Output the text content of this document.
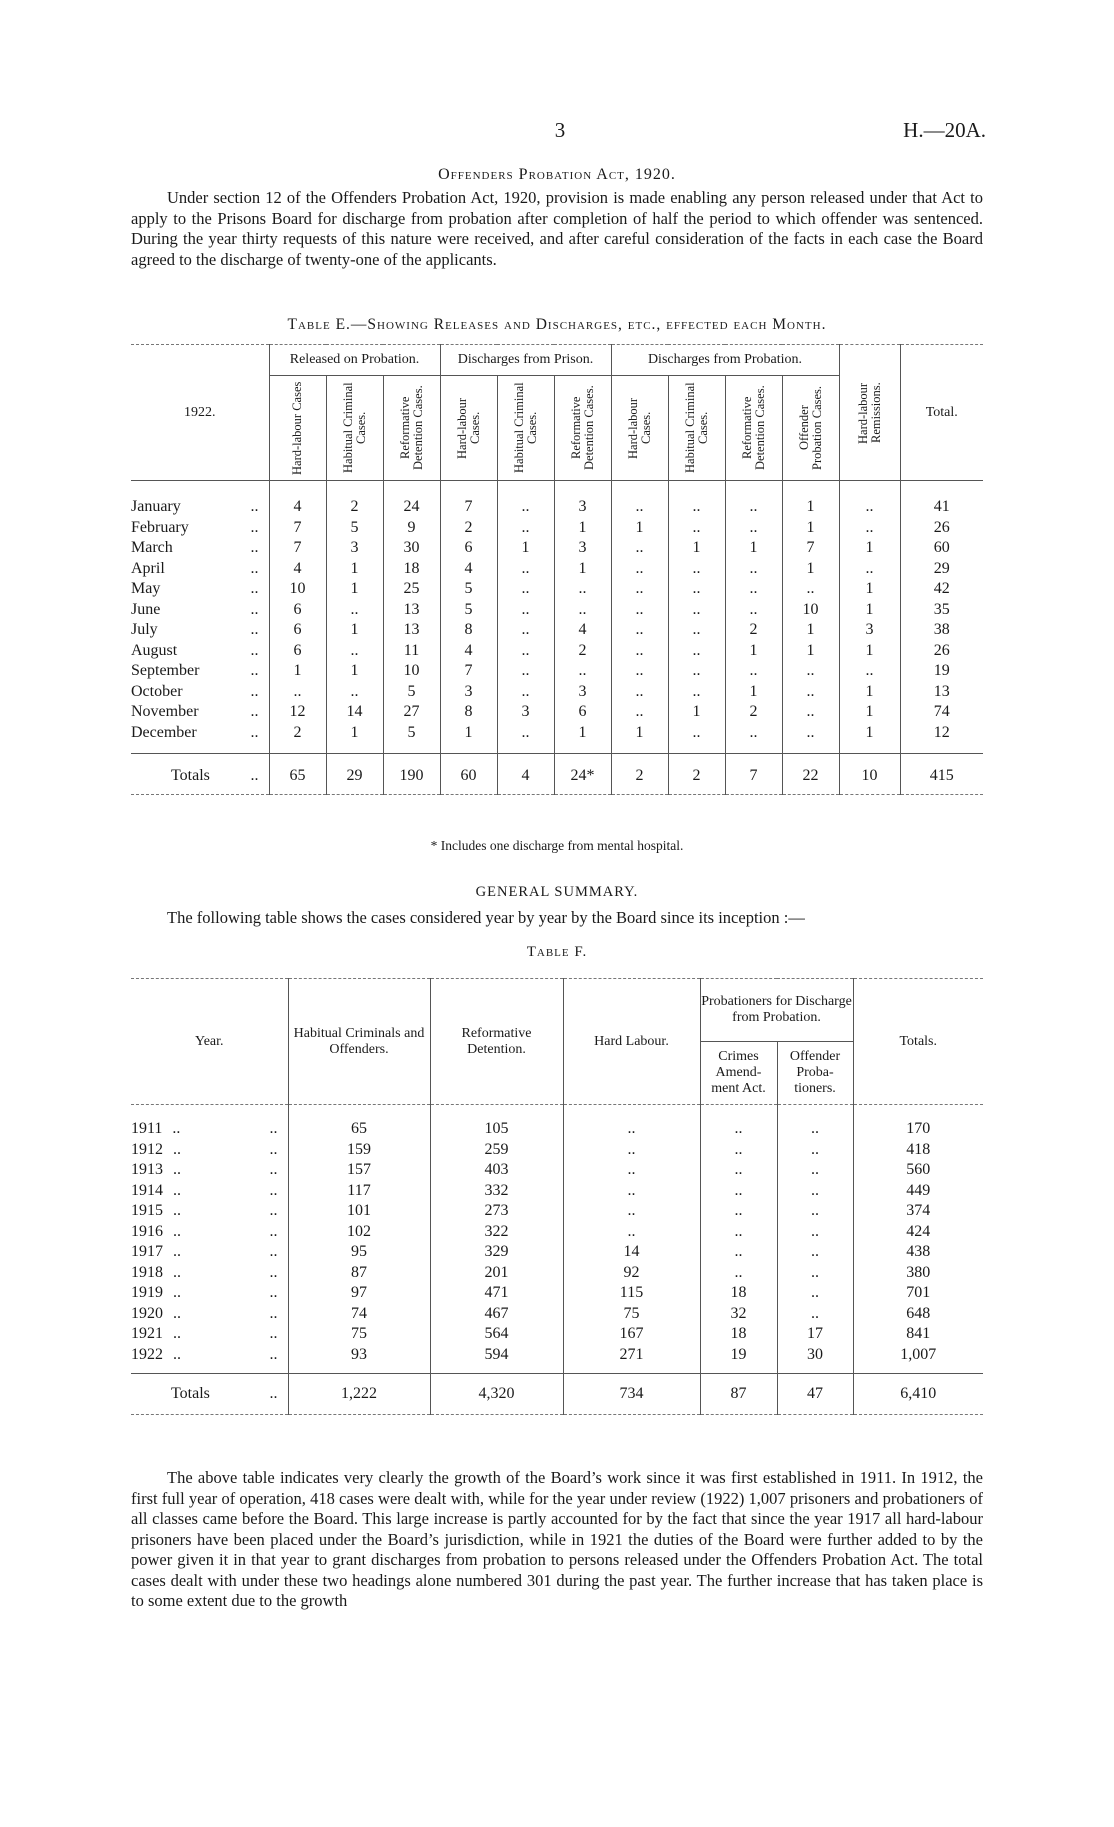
3	H.—20A.
Offenders Probation Act, 1920.
Under section 12 of the Offenders Probation Act, 1920, provision is made enabling any person released under that Act to apply to the Prisons Board for discharge from probation after completion of half the period to which offender was sentenced. During the year thirty requests of this nature were received, and after careful consideration of the facts in each case the Board agreed to the discharge of twenty-one of the applicants.
Table E.—Showing Releases and Discharges, etc., effected each Month.
1922.	Released on Probation.			Discharges from Prison.			Discharges from Probation.				Hard-labour Remissions.	Total.

	Hard-labour Cases	Habitual Criminal Cases.	Reformative Detention Cases.	Hard-labour Cases.	Habitual Criminal Cases.	Reformative Detention Cases.	Hard-labour Cases.	Habitual Criminal Cases.	Reformative Detention Cases.	Offender Probation Cases.		

January ..	4	2	24	7	..	3	..	..	..	1	..	41
February ..	7	5	9	2	..	1	1	..	..	1	..	26
March ..	7	3	30	6	1	3	..	1	1	7	1	60
April ..	4	1	18	4	..	1	..	..	..	1	..	29
May ..	10	1	25	5	..	..	..	..	..	..	1	42
June ..	6	..	13	5	..	..	..	..	..	10	1	35
July ..	6	1	13	8	..	4	..	..	2	1	3	38
August ..	6	..	11	4	..	2	..	..	1	1	1	26
September ..	1	1	10	7	..	..	..	..	..	..	..	19
October ..	..	..	5	3	..	3	..	..	1	..	1	13
November ..	12	14	27	8	3	6	..	1	2	..	1	74
December ..	2	1	5	1	..	1	1	..	..	..	1	12
Totals ..	65	29	190	60	4	24*	2	2	7	22	10	415

* Includes one discharge from mental hospital.
GENERAL SUMMARY.
The following table shows the cases considered year by year by the Board since its inception :—
Table F.
Year.	Habitual Criminals and Offenders.	Reformative Detention.	Hard Labour.	Probationers for Discharge from Probation.		Totals.
				Crimes Amend- ment Act.	Offender Proba- tioners.	

1911 .. ..	65	105	..	..	..	170
1912 .. ..	159	259	..	..	..	418
1913 .. ..	157	403	..	..	..	560
1914 .. ..	117	332	..	..	..	449
1915 .. ..	101	273	..	..	..	374
1916 .. ..	102	322	..	..	..	424
1917 .. ..	95	329	14	..	..	438
1918 .. ..	87	201	92	..	..	380
1919 .. ..	97	471	115	18	..	701
1920 .. ..	74	467	75	32	..	648
1921 .. ..	75	564	167	18	17	841
1922 .. ..	93	594	271	19	30	1,007
Totals ..	1,222	4,320	734	87	47	6,410

The above table indicates very clearly the growth of the Board’s work since it was first established in 1911. In 1912, the first full year of operation, 418 cases were dealt with, while for the year under review (1922) 1,007 prisoners and probationers of all classes came before the Board. This large increase is partly accounted for by the fact that since the year 1917 all hard-labour prisoners have been placed under the Board’s jurisdiction, while in 1921 the duties of the Board were further added to by the power given it in that year to grant discharges from probation to persons released under the Offenders Probation Act. The total cases dealt with under these two headings alone numbered 301 during the past year. The further increase that has taken place is to some extent due to the growth
